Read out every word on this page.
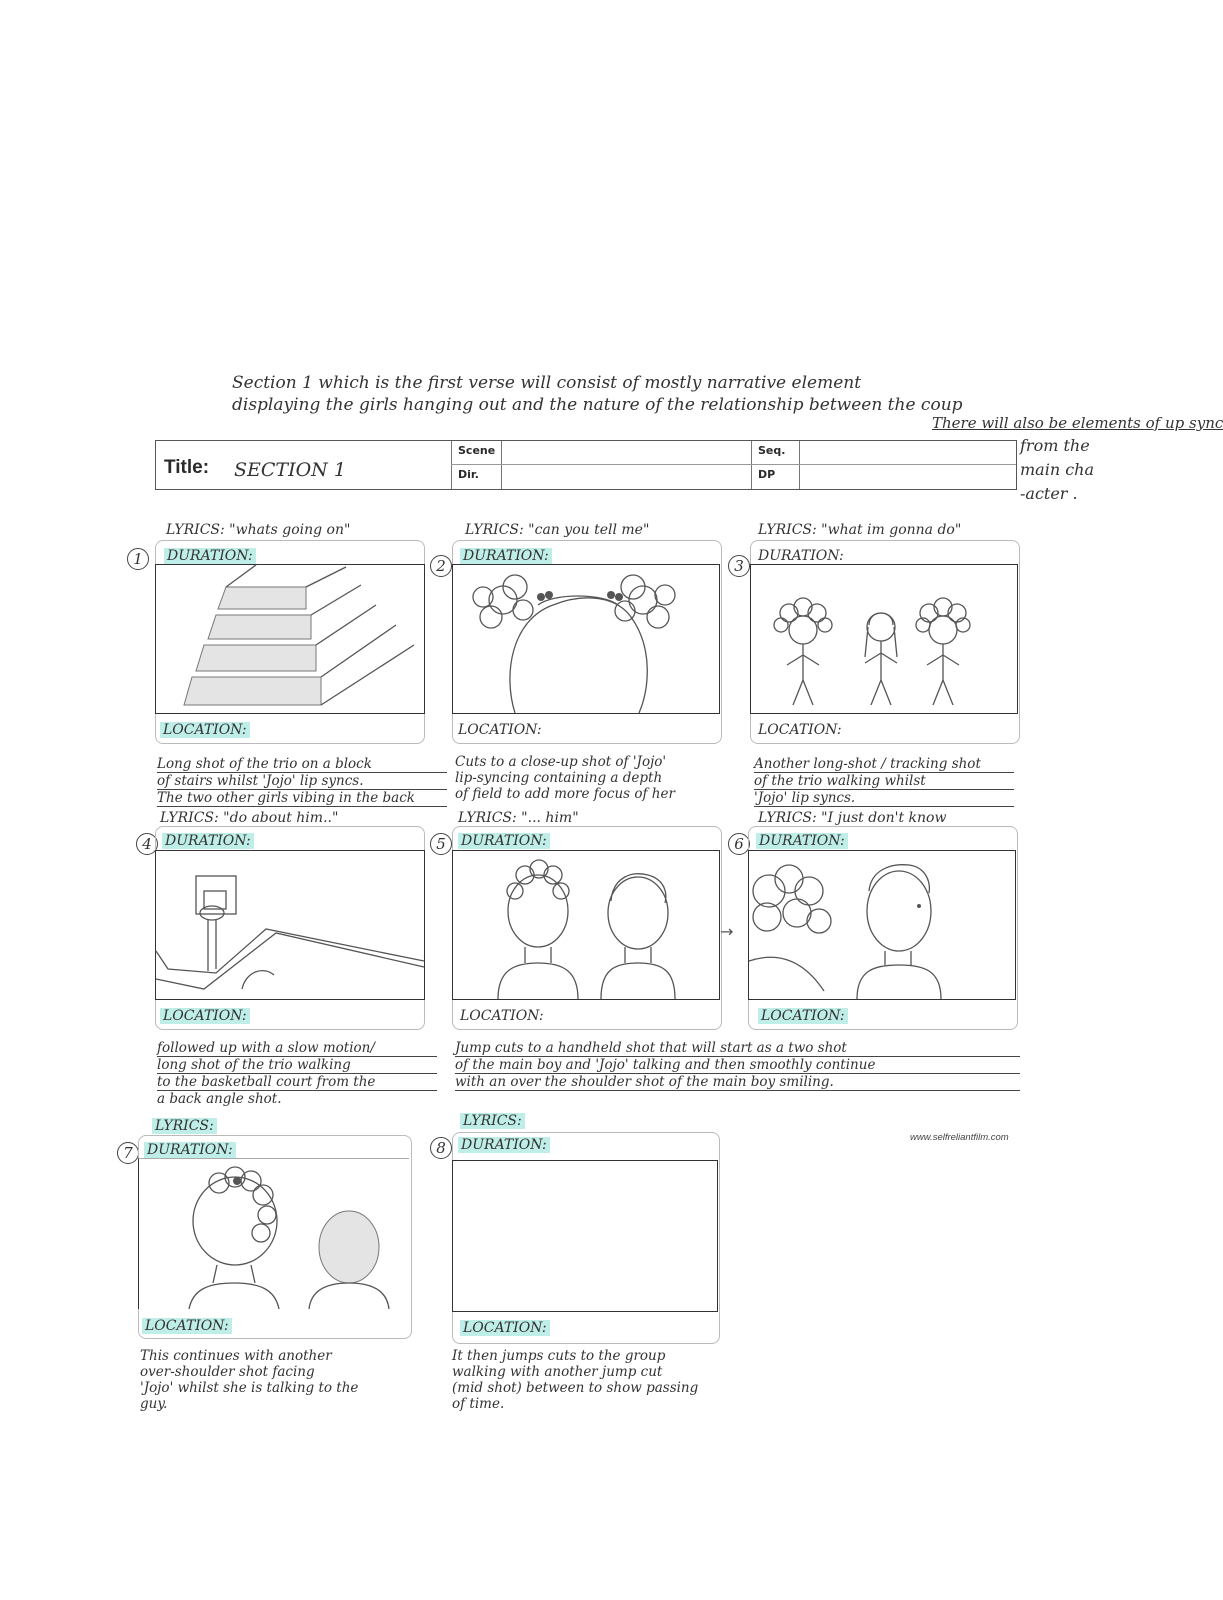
Section 1 which is the first verse will consist of mostly narrative element
displaying the girls hanging out and the nature of the relationship between the coup
There will also be elements of up sync
Title: SECTION 1
Scene
Dir.
Seq.
DP
from the
main cha
-acter .
LYRICS: "whats going on"
1	DURATION:
LOCATION:
Long shot of the trio on a block
of stairs whilst 'Jojo' lip syncs.
The two other girls vibing in the back
LYRICS: "can you tell me"
2
DURATION:
LOCATION:
Cuts to a close-up shot of 'Jojo'
lip-syncing containing a depth
of field to add more focus of her
LYRICS: "what im gonna do"
3
DURATION:
LOCATION:
Another long-shot / tracking shot
of the trio walking whilst
'Jojo' lip syncs.
LYRICS: "do about him.."
4 DURATION:
LOCATION:
followed up with a slow motion/
long shot of the trio walking
to the basketball court from the
a back angle shot.
LYRICS: "... him"
5	DURATION:
→
LOCATION:
Jump cuts to a handheld shot that will start as a two shot
of the main boy and 'Jojo' talking and then smoothly continue
with an over the shoulder shot of the main boy smiling.
LYRICS: "I just don't know
6	DURATION:
LOCATION:
LYRICS:
7	DURATION:
LOCATION:
This continues with another
over-shoulder shot facing
'Jojo' whilst she is talking to the
guy.
LYRICS:
8	DURATION:
LOCATION:
It then jumps cuts to the group
walking with another jump cut
(mid shot) between to show passing
of time.
www.selfreliantfilm.com
